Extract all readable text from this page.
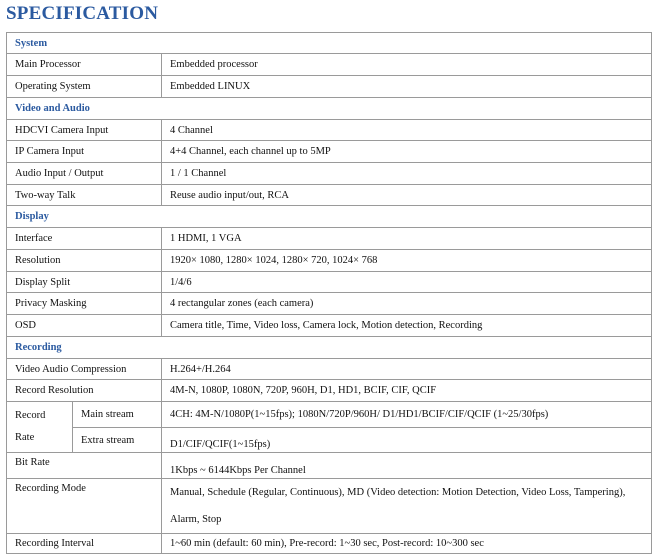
SPECIFICATION
System		
Main Processor		Embedded processor
Operating System		Embedded LINUX
Video and Audio		
HDCVI Camera Input		4 Channel
IP Camera Input		4+4 Channel, each channel up to 5MP
Audio Input / Output		1 / 1 Channel
Two-way Talk		Reuse audio input/out, RCA
Display		
Interface		1 HDMI, 1 VGA
Resolution		1920× 1080, 1280× 1024, 1280× 720, 1024× 768
Display Split		1/4/6
Privacy Masking		4 rectangular zones (each camera)
OSD		Camera title, Time, Video loss, Camera lock, Motion detection, Recording
Recording		
Video Audio Compression		H.264+/H.264
Record Resolution		4M-N, 1080P, 1080N, 720P, 960H, D1, HD1, BCIF, CIF, QCIF

Record
Rate	Main stream	4CH: 4M-N/1080P(1~15fps); 1080N/720P/960H/ D1/HD1/BCIF/CIF/QCIF (1~25/30fps)
	Extra stream	D1/CIF/QCIF(1~15fps)
Bit Rate		1Kbps ~ 6144Kbps Per Channel
Recording Mode		Manual, Schedule (Regular, Continuous), MD (Video detection: Motion Detection, Video Loss, Tampering),
Alarm, Stop

Recording Interval		1~60 min (default: 60 min), Pre-record: 1~30 sec, Post-record: 10~300 sec
